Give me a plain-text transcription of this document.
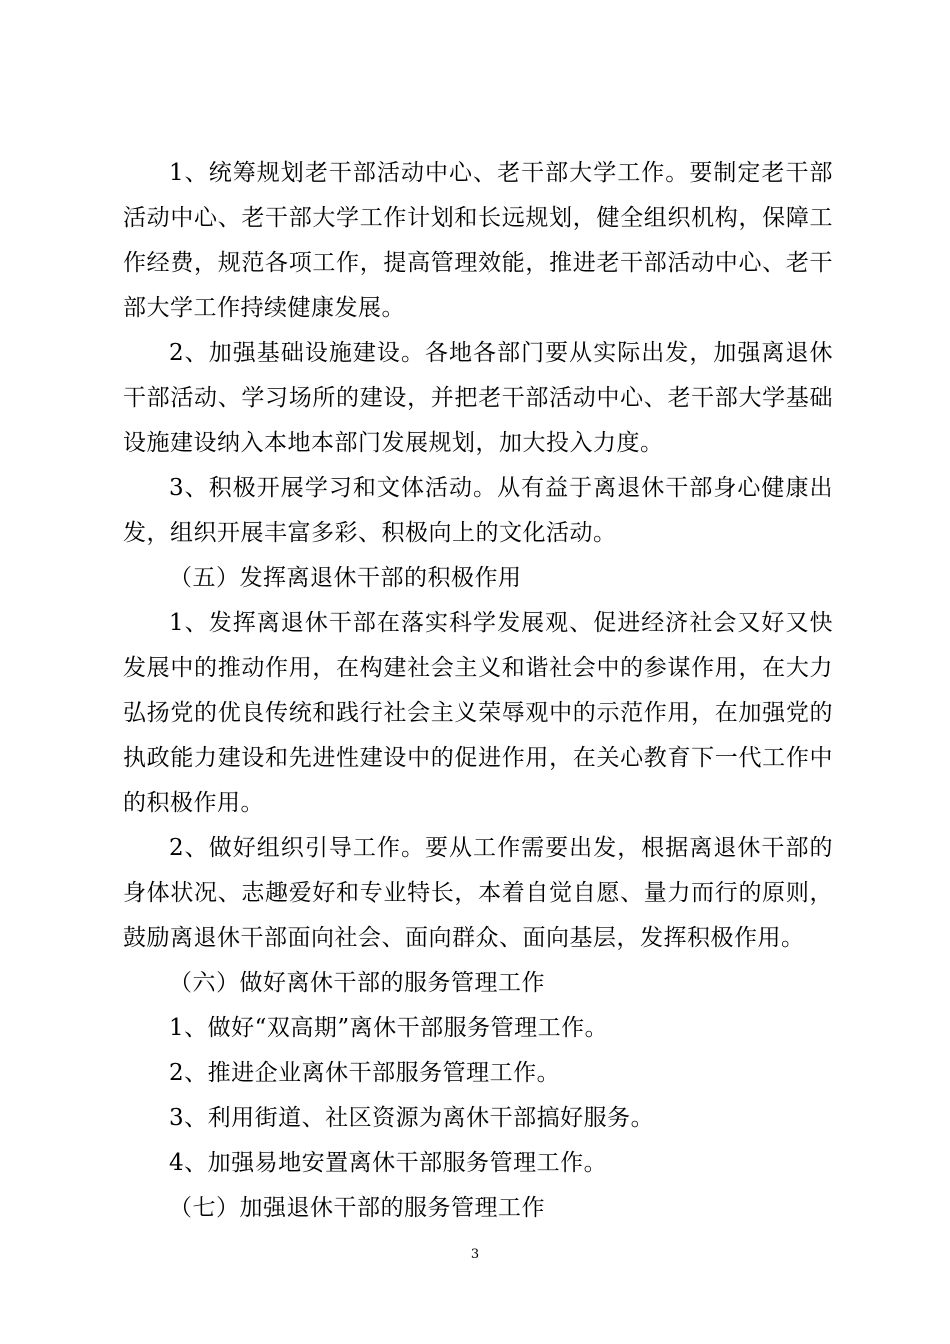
1、统筹规划老干部活动中心、老干部大学工作。要制定老干部活动中心、老干部大学工作计划和长远规划，健全组织机构，保障工作经费，规范各项工作，提高管理效能，推进老干部活动中心、老干部大学工作持续健康发展。

2、加强基础设施建设。各地各部门要从实际出发，加强离退休干部活动、学习场所的建设，并把老干部活动中心、老干部大学基础设施建设纳入本地本部门发展规划，加大投入力度。

3、积极开展学习和文体活动。从有益于离退休干部身心健康出发，组织开展丰富多彩、积极向上的文化活动。

（五）发挥离退休干部的积极作用

1、发挥离退休干部在落实科学发展观、促进经济社会又好又快发展中的推动作用，在构建社会主义和谐社会中的参谋作用，在大力弘扬党的优良传统和践行社会主义荣辱观中的示范作用，在加强党的执政能力建设和先进性建设中的促进作用，在关心教育下一代工作中的积极作用。

2、做好组织引导工作。要从工作需要出发，根据离退休干部的身体状况、志趣爱好和专业特长，本着自觉自愿、量力而行的原则，鼓励离退休干部面向社会、面向群众、面向基层，发挥积极作用。

（六）做好离休干部的服务管理工作

1、做好“双高期”离休干部服务管理工作。

2、推进企业离休干部服务管理工作。

3、利用街道、社区资源为离休干部搞好服务。

4、加强易地安置离休干部服务管理工作。

（七）加强退休干部的服务管理工作

3
